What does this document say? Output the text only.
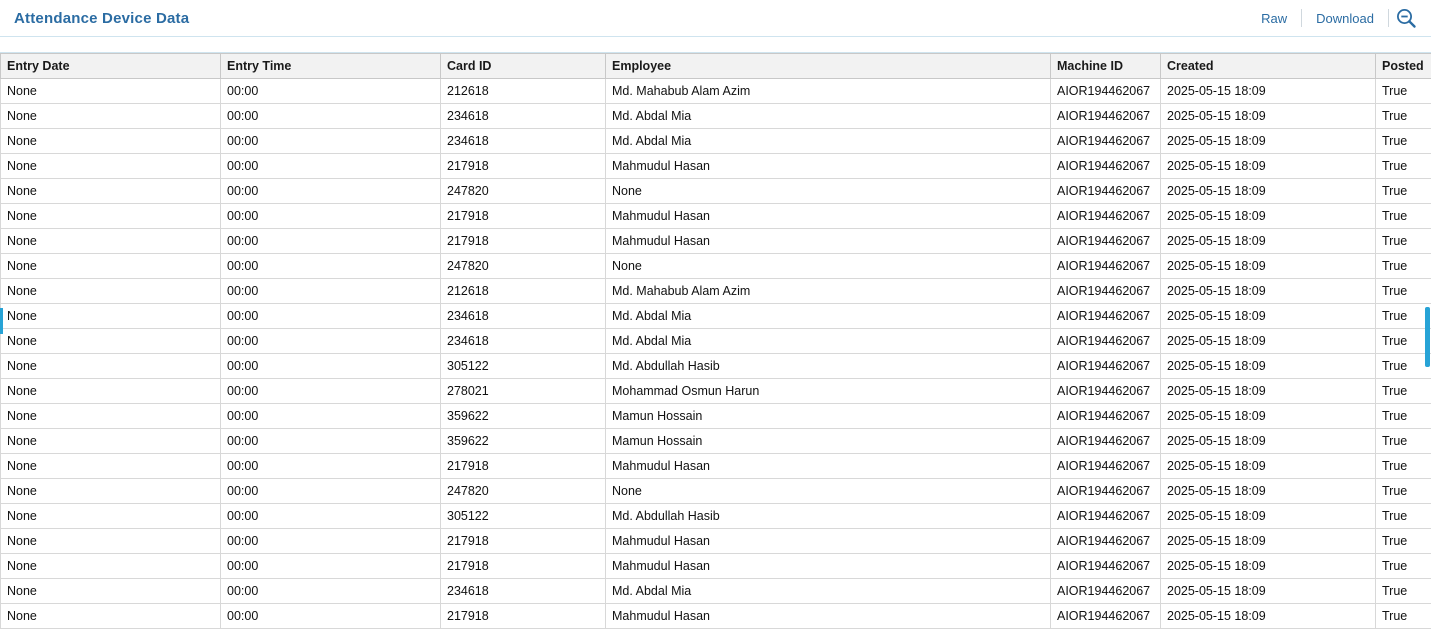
Attendance Device Data	Raw	Download
Entry Date	Entry Time	Card ID	Employee	Machine ID	Created	Posted
None	00:00	212618	Md. Mahabub Alam Azim	AIOR194462067	2025-05-15 18:09	True
None	00:00	234618	Md. Abdal Mia	AIOR194462067	2025-05-15 18:09	True
None	00:00	234618	Md. Abdal Mia	AIOR194462067	2025-05-15 18:09	True
None	00:00	217918	Mahmudul Hasan	AIOR194462067	2025-05-15 18:09	True
None	00:00	247820	None	AIOR194462067	2025-05-15 18:09	True
None	00:00	217918	Mahmudul Hasan	AIOR194462067	2025-05-15 18:09	True
None	00:00	217918	Mahmudul Hasan	AIOR194462067	2025-05-15 18:09	True
None	00:00	247820	None	AIOR194462067	2025-05-15 18:09	True
None	00:00	212618	Md. Mahabub Alam Azim	AIOR194462067	2025-05-15 18:09	True
None	00:00	234618	Md. Abdal Mia	AIOR194462067	2025-05-15 18:09	True
None	00:00	234618	Md. Abdal Mia	AIOR194462067	2025-05-15 18:09	True
None	00:00	305122	Md. Abdullah Hasib	AIOR194462067	2025-05-15 18:09	True
None	00:00	278021	Mohammad Osmun Harun	AIOR194462067	2025-05-15 18:09	True
None	00:00	359622	Mamun Hossain	AIOR194462067	2025-05-15 18:09	True
None	00:00	359622	Mamun Hossain	AIOR194462067	2025-05-15 18:09	True
None	00:00	217918	Mahmudul Hasan	AIOR194462067	2025-05-15 18:09	True
None	00:00	247820	None	AIOR194462067	2025-05-15 18:09	True
None	00:00	305122	Md. Abdullah Hasib	AIOR194462067	2025-05-15 18:09	True
None	00:00	217918	Mahmudul Hasan	AIOR194462067	2025-05-15 18:09	True
None	00:00	217918	Mahmudul Hasan	AIOR194462067	2025-05-15 18:09	True
None	00:00	234618	Md. Abdal Mia	AIOR194462067	2025-05-15 18:09	True
None	00:00	217918	Mahmudul Hasan	AIOR194462067	2025-05-15 18:09	True
